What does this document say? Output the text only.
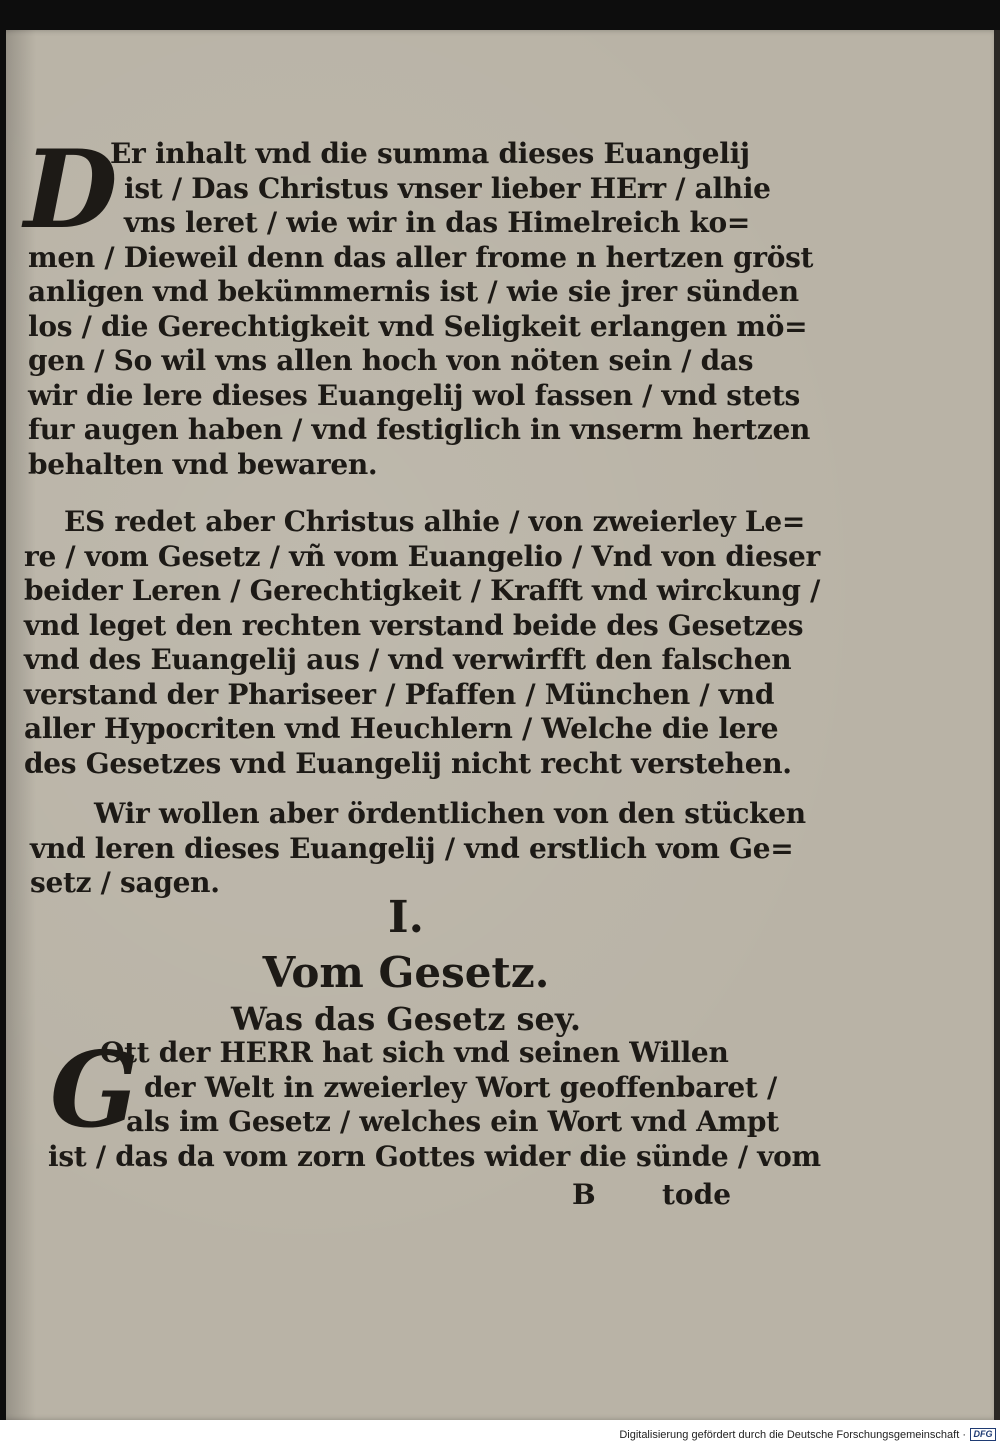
D
Er inhalt vnd die summa dieses Euangelij
ist / Das Christus vnser lieber HErr / alhie
vns leret / wie wir in das Himelreich ko=
men / Dieweil denn das aller frome n hertzen gröst
anligen vnd bekümmernis ist / wie sie jrer sünden
los / die Gerechtigkeit vnd Seligkeit erlangen mö=
gen / So wil vns allen hoch von nöten sein / das
wir die lere dieses Euangelij wol fassen / vnd stets
fur augen haben / vnd festiglich in vnserm hertzen
behalten vnd bewaren.
ES redet aber Christus alhie / von zweierley Le=
re / vom Gesetz / vñ vom Euangelio / Vnd von dieser
beider Leren / Gerechtigkeit / Krafft vnd wirckung /
vnd leget den rechten verstand beide des Gesetzes
vnd des Euangelij aus / vnd verwirfft den falschen
verstand der Phariseer / Pfaffen / München / vnd
aller Hypocriten vnd Heuchlern / Welche die lere
des Gesetzes vnd Euangelij nicht recht verstehen.
Wir wollen aber ördentlichen von den stücken
vnd leren dieses Euangelij / vnd erstlich vom Ge=
setz / sagen.
I.
Vom Gesetz.
Was das Gesetz sey.
G
Ott der HERR hat sich vnd seinen Willen
der Welt in zweierley Wort geoffenbaret /
als im Gesetz / welches ein Wort vnd Ampt
ist / das da vom zorn Gottes wider die sünde / vom
B tode
Digitalisierung gefördert durch die Deutsche Forschungsgemeinschaft · DFG
